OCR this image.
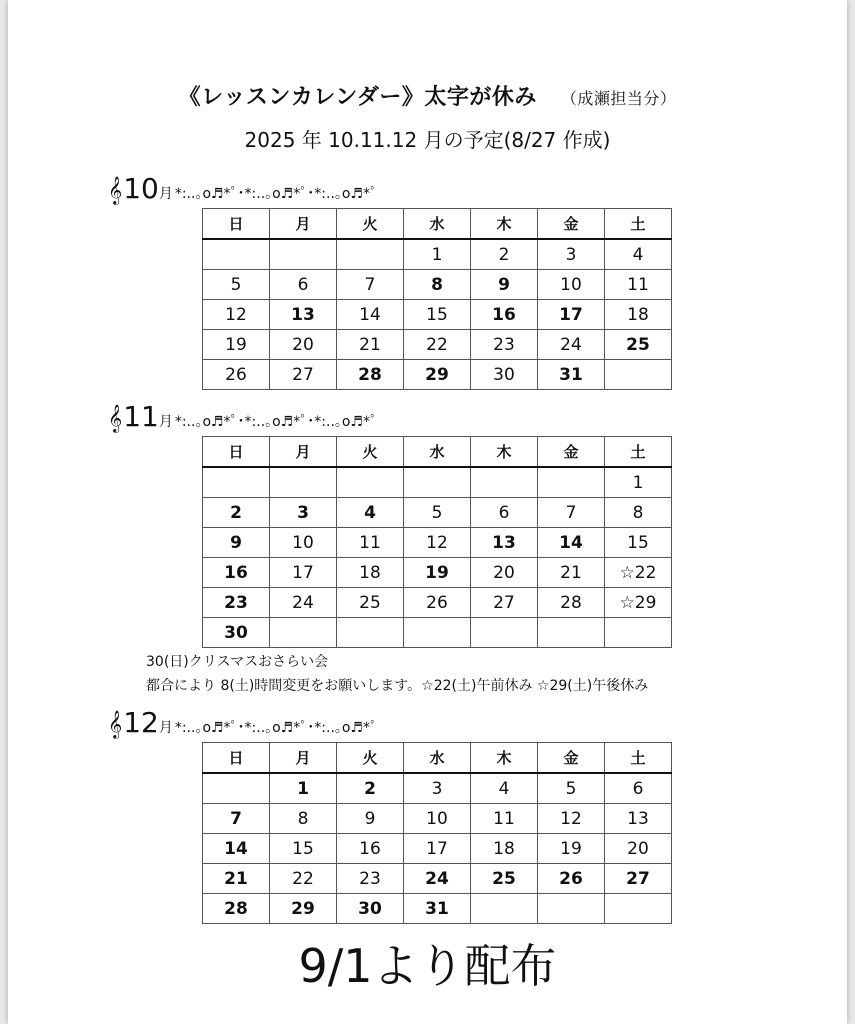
《レッスンカレンダー》太字が休み （成瀬担当分）
2025 年 10.11.12 月の予定(8/27 作成)
𝄞 10 月 *:..｡o♬*ﾟ･*:..｡o♬*ﾟ･*:..｡o♬*ﾟ
日	月	火	水	木	金	土
			1	2	3	4
5	6	7	8	9	10	11
12	13	14	15	16	17	18
19	20	21	22	23	24	25
26	27	28	29	30	31	
𝄞 11 月 *:..｡o♬*ﾟ･*:..｡o♬*ﾟ･*:..｡o♬*ﾟ
日	月	火	水	木	金	土
						1
2	3	4	5	6	7	8
9	10	11	12	13	14	15
16	17	18	19	20	21	☆22
23	24	25	26	27	28	☆29
30						
30(日)クリスマスおさらい会
都合により 8(土)時間変更をお願いします。☆22(土)午前休み ☆29(土)午後休み
𝄞 12 月 *:..｡o♬*ﾟ･*:..｡o♬*ﾟ･*:..｡o♬*ﾟ
日	月	火	水	木	金	土
	1	2	3	4	5	6
7	8	9	10	11	12	13
14	15	16	17	18	19	20
21	22	23	24	25	26	27
28	29	30	31			
9/1より配布
